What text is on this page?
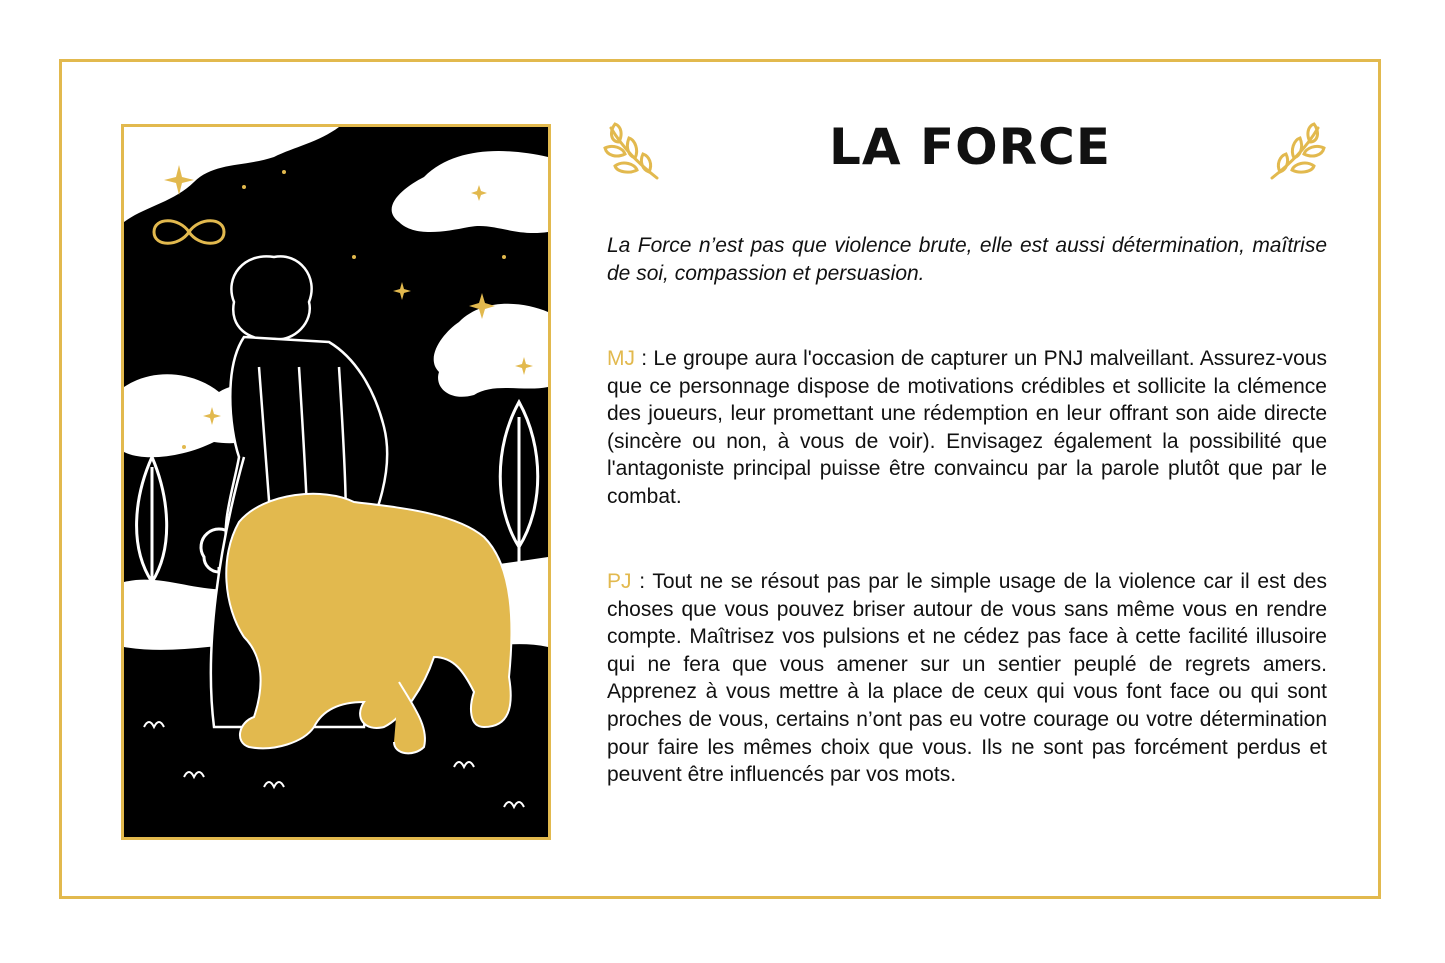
LA FORCE

La Force n’est pas que violence brute, elle est aussi détermination, maîtrise de soi, compassion et persuasion.

MJ : Le groupe aura l'occasion de capturer un PNJ malveillant. Assurez-vous que ce personnage dispose de motivations crédibles et sollicite la clémence des joueurs, leur promettant une rédemption en leur offrant son aide directe (sincère ou non, à vous de voir). Envisagez également la possibilité que l'antagoniste principal puisse être convaincu par la parole plutôt que par le combat.

PJ : Tout ne se résout pas par le simple usage de la violence car il est des choses que vous pouvez briser autour de vous sans même vous en rendre compte. Maîtrisez vos pulsions et ne cédez pas face à cette facilité illusoire qui ne fera que vous amener sur un sentier peuplé de regrets amers. Apprenez à vous mettre à la place de ceux qui vous font face ou qui sont proches de vous, certains n’ont pas eu votre courage ou votre détermination pour faire les mêmes choix que vous. Ils ne sont pas forcément perdus et peuvent être influencés par vos mots.
